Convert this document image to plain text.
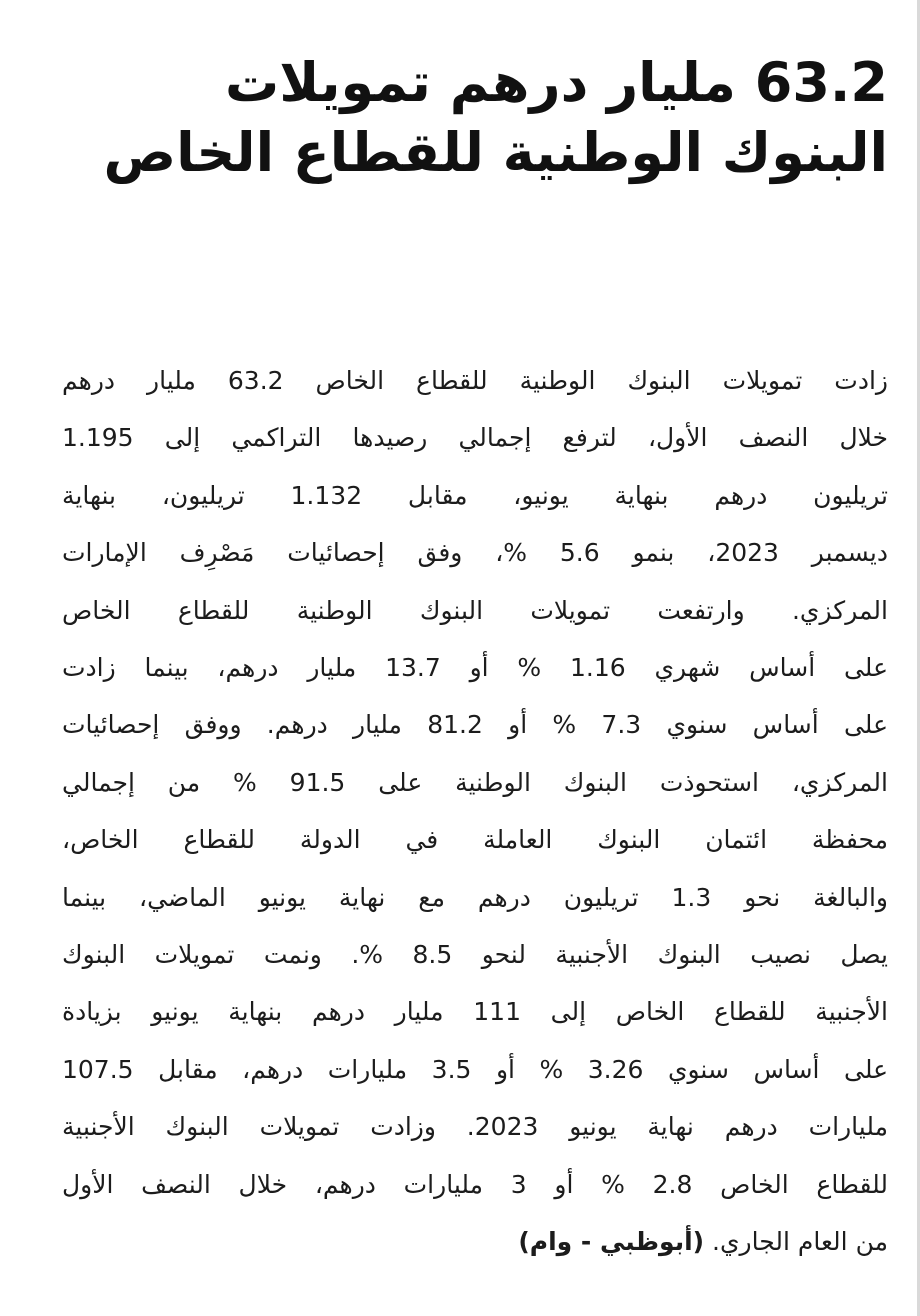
63.2 مليار درهم تمويلات
البنوك الوطنية للقطاع الخاص
زادت تمويلات البنوك الوطنية للقطاع الخاص 63.2 مليار درهم
خلال النصف الأول، لترفع إجمالي رصيدها التراكمي إلى 1.195
تريليون درهم بنهاية يونيو، مقابل 1.132 تريليون، بنهاية
ديسمبر 2023، بنمو 5.6 %، وفق إحصائيات مَصْرِف الإمارات
المركزي. وارتفعت تمويلات البنوك الوطنية للقطاع الخاص
على أساس شهري 1.16 % أو 13.7 مليار درهم، بينما زادت
على أساس سنوي 7.3 % أو 81.2 مليار درهم. ووفق إحصائيات
المركزي، استحوذت البنوك الوطنية على 91.5 % من إجمالي
محفظة ائتمان البنوك العاملة في الدولة للقطاع الخاص،
والبالغة نحو 1.3 تريليون درهم مع نهاية يونيو الماضي، بينما
يصل نصيب البنوك الأجنبية لنحو 8.5 %. ونمت تمويلات البنوك
الأجنبية للقطاع الخاص إلى 111 مليار درهم بنهاية يونيو بزيادة
على أساس سنوي 3.26 % أو 3.5 مليارات درهم، مقابل 107.5
مليارات درهم نهاية يونيو 2023. وزادت تمويلات البنوك الأجنبية
للقطاع الخاص 2.8 % أو 3 مليارات درهم، خلال النصف الأول
من العام الجاري. (أبوظبي - وام)
